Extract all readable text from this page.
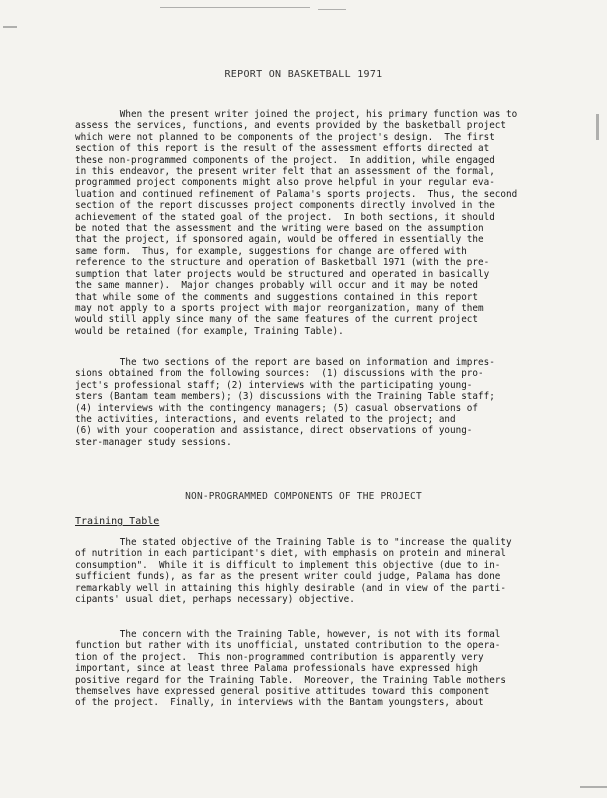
REPORT ON BASKETBALL 1971

When the present writer joined the project, his primary function was to
assess the services, functions, and events provided by the basketball project
which were not planned to be components of the project's design.  The first
section of this report is the result of the assessment efforts directed at
these non-programmed components of the project.  In addition, while engaged
in this endeavor, the present writer felt that an assessment of the formal,
programmed project components might also prove helpful in your regular eva-
luation and continued refinement of Palama's sports projects.  Thus, the second
section of the report discusses project components directly involved in the
achievement of the stated goal of the project.  In both sections, it should
be noted that the assessment and the writing were based on the assumption
that the project, if sponsored again, would be offered in essentially the
same form.  Thus, for example, suggestions for change are offered with
reference to the structure and operation of Basketball 1971 (with the pre-
sumption that later projects would be structured and operated in basically
the same manner).  Major changes probably will occur and it may be noted
that while some of the comments and suggestions contained in this report
may not apply to a sports project with major reorganization, many of them
would still apply since many of the same features of the current project
would be retained (for example, Training Table).

The two sections of the report are based on information and impres-
sions obtained from the following sources:  (1) discussions with the pro-
ject's professional staff; (2) interviews with the participating young-
sters (Bantam team members); (3) discussions with the Training Table staff;
(4) interviews with the contingency managers; (5) casual observations of
the activities, interactions, and events related to the project; and
(6) with your cooperation and assistance, direct observations of young-
ster-manager study sessions.

NON-PROGRAMMED COMPONENTS OF THE PROJECT
Training Table

The stated objective of the Training Table is to "increase the quality
of nutrition in each participant's diet, with emphasis on protein and mineral
consumption".  While it is difficult to implement this objective (due to in-
sufficient funds), as far as the present writer could judge, Palama has done
remarkably well in attaining this highly desirable (and in view of the parti-
cipants' usual diet, perhaps necessary) objective.

The concern with the Training Table, however, is not with its formal
function but rather with its unofficial, unstated contribution to the opera-
tion of the project.  This non-programmed contribution is apparently very
important, since at least three Palama professionals have expressed high
positive regard for the Training Table.  Moreover, the Training Table mothers
themselves have expressed general positive attitudes toward this component
of the project.  Finally, in interviews with the Bantam youngsters, about
